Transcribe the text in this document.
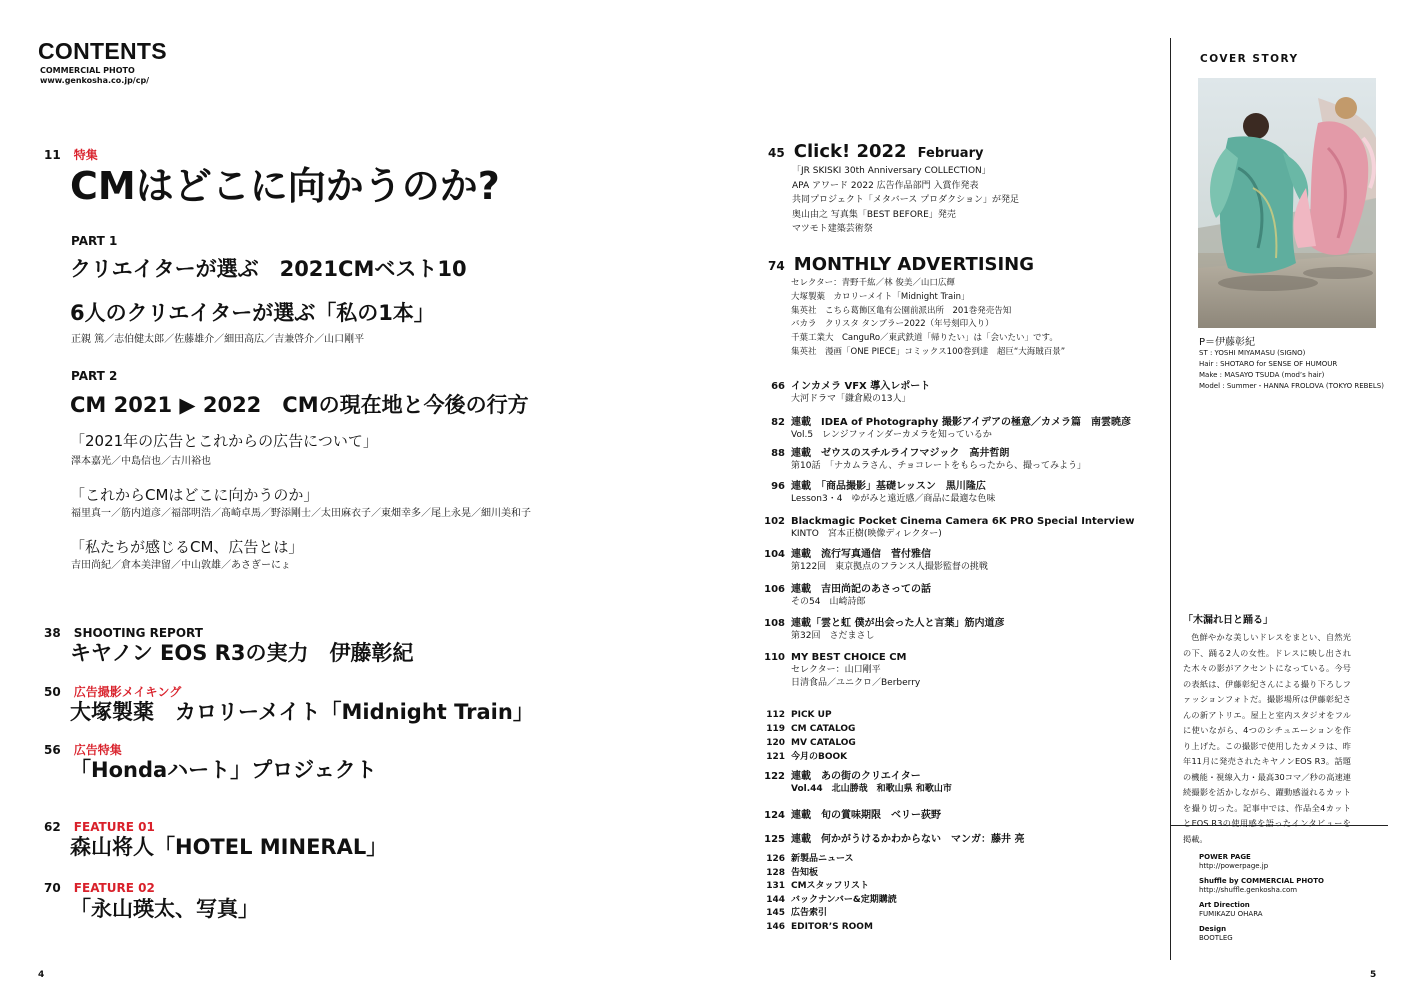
CONTENTS
COMMERCIAL PHOTO
www.genkosha.co.jp/cp/
11 特集
CMはどこに向かうのか?
PART 1
クリエイターが選ぶ　2021CMベスト10
6人のクリエイターが選ぶ「私の1本」
正親 篤／志伯健太郎／佐藤雄介／細田高広／吉兼啓介／山口剛平
PART 2
CM 2021 ▶ 2022　CMの現在地と今後の行方
「2021年の広告とこれからの広告について」
澤本嘉光／中島信也／古川裕也
「これからCMはどこに向かうのか」
福里真一／筋内道彦／福部明浩／髙崎卓馬／野添剛士／太田麻衣子／東畑幸多／尾上永晃／細川美和子
「私たちが感じるCM、広告とは」
吉田尚紀／倉本美津留／中山敦雄／あさぎーにょ
38 SHOOTING REPORT
キヤノン EOS R3の実力　伊藤彰紀
50 広告撮影メイキング
大塚製薬　カロリーメイト「Midnight Train」
56 広告特集
「Hondaハート」プロジェクト
62 FEATURE 01
森山将人「HOTEL MINERAL」
70 FEATURE 02
「永山瑛太、写真」
4
45 Click! 2022 February
「JR SKISKI 30th Anniversary COLLECTION」
APA アワード 2022 広告作品部門 入賞作発表
共同プロジェクト「メタバース プロダクション」が発足
奥山由之 写真集「BEST BEFORE」発売
マツモト建築芸術祭
74 MONTHLY ADVERTISING
セレクター：青野千紘／林 俊美／山口広輝
大塚製薬　カロリーメイト「Midnight Train」
集英社　こちら葛飾区亀有公園前派出所　201巻発売告知
バカラ　クリスタ タンブラー2022（年号刻印入り）
千葉工業大　CanguRo／東武鉄道「帰りたい」は「会いたい」です。
集英社　漫画「ONE PIECE」コミックス100巻到達　超巨“大海賊百景”
66 インカメラ VFX 導入レポート
大河ドラマ「鎌倉殿の13人」
82 連載　IDEA of Photography 撮影アイデアの極意／カメラ篇　南雲暁彦
Vol.5　レンジファインダーカメラを知っているか
88 連載　ゼウスのスチルライフマジック　高井哲朗
第10話　「ナカムラさん、チョコレートをもらったから、撮ってみよう」
96 連載　「商品撮影」基礎レッスン　黒川隆広
Lesson3・4　ゆがみと遠近感／商品に最適な色味
102 Blackmagic Pocket Cinema Camera 6K PRO Special Interview
KINTO　宮本正樹(映像ディレクター)
104 連載　流行写真通信　菅付雅信
第122回　東京拠点のフランス人撮影監督の挑戦
106 連載　吉田尚記のあさっての話
その54　山崎詩郎
108 連載「雲と虹 僕が出会った人と言葉」筋内道彦
第32回　さだまさし
110 MY BEST CHOICE CM
セレクター：山口剛平
日清食品／ユニクロ／Berberry
112 PICK UP
119 CM CATALOG
120 MV CATALOG
121 今月のBOOK
122 連載　あの街のクリエイター
Vol.44　北山勝哉　和歌山県 和歌山市
124 連載　旬の賞味期限　ベリー荻野
125 連載　何かがうけるかわからない　マンガ：藤井 亮
126 新製品ニュース
128 告知板
131 CMスタッフリスト
144 バックナンバー&定期購読
145 広告索引
146 EDITOR’S ROOM
COVER STORY
P＝伊藤彰紀
ST : YOSHI MIYAMASU (SIGNO)
Hair : SHOTARO for SENSE OF HUMOUR
Make : MASAYO TSUDA (mod’s hair)
Model : Summer・HANNA FROLOVA (TOKYO REBELS)
「木漏れ日と踊る」
色鮮やかな美しいドレスをまとい、自然光の下、踊る2人の女性。ドレスに映し出された木々の影がアクセントになっている。今号の表紙は、伊藤彰紀さんによる撮り下ろしファッションフォトだ。撮影場所は伊藤彰紀さんの新アトリエ。屋上と室内スタジオをフルに使いながら、4つのシチュエーションを作り上げた。この撮影で使用したカメラは、昨年11月に発売されたキヤノンEOS R3。話題の機能・視線入力・最高30コマ／秒の高速連続撮影を活かしながら、躍動感溢れるカットを撮り切った。記事中では、作品全4カットとEOS R3の使用感を語ったインタビューを掲載。
POWER PAGE
http://powerpage.jp
Shuffle by COMMERCIAL PHOTO
http://shuffle.genkosha.com
Art Direction
FUMIKAZU OHARA
Design
BOOTLEG
5
